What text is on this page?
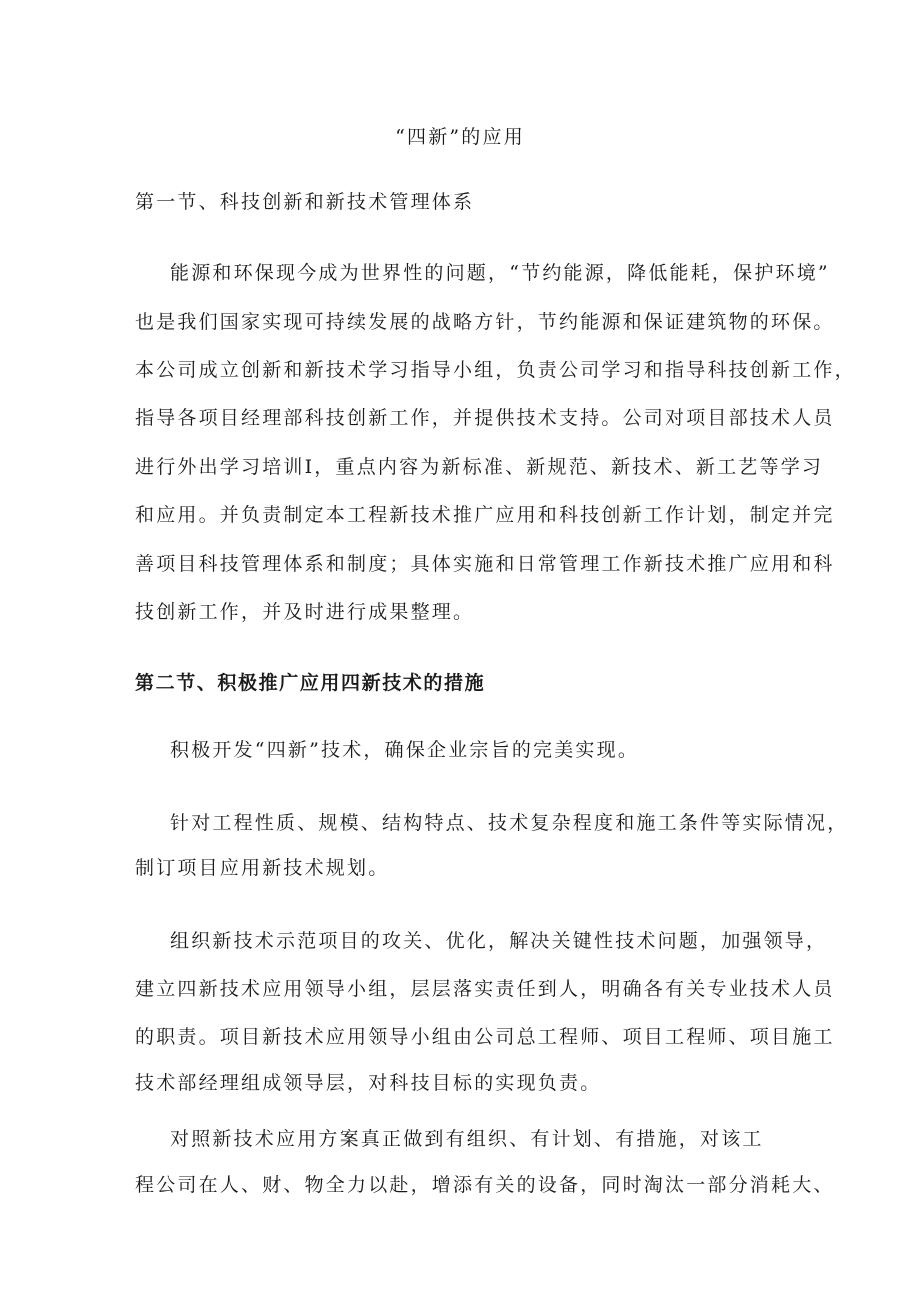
“四新”的应用
第一节、科技创新和新技术管理体系
能源和环保现今成为世界性的问题，“节约能源，降低能耗，保护环境”
也是我们国家实现可持续发展的战略方针，节约能源和保证建筑物的环保。
本公司成立创新和新技术学习指导小组，负责公司学习和指导科技创新工作，
指导各项目经理部科技创新工作，并提供技术支持。公司对项目部技术人员
进行外出学习培训Ⅰ，重点内容为新标准、新规范、新技术、新工艺等学习
和应用。并负责制定本工程新技术推广应用和科技创新工作计划，制定并完
善项目科技管理体系和制度；具体实施和日常管理工作新技术推广应用和科
技创新工作，并及时进行成果整理。
第二节、积极推广应用四新技术的措施
积极开发“四新”技术，确保企业宗旨的完美实现。
针对工程性质、规模、结构特点、技术复杂程度和施工条件等实际情况，
制订项目应用新技术规划。
组织新技术示范项目的攻关、优化，解决关键性技术问题，加强领导，
建立四新技术应用领导小组，层层落实责任到人，明确各有关专业技术人员
的职责。项目新技术应用领导小组由公司总工程师、项目工程师、项目施工
技术部经理组成领导层，对科技目标的实现负责。
对照新技术应用方案真正做到有组织、有计划、有措施，对该工
程公司在人、财、物全力以赴，增添有关的设备，同时淘汰一部分消耗大、
